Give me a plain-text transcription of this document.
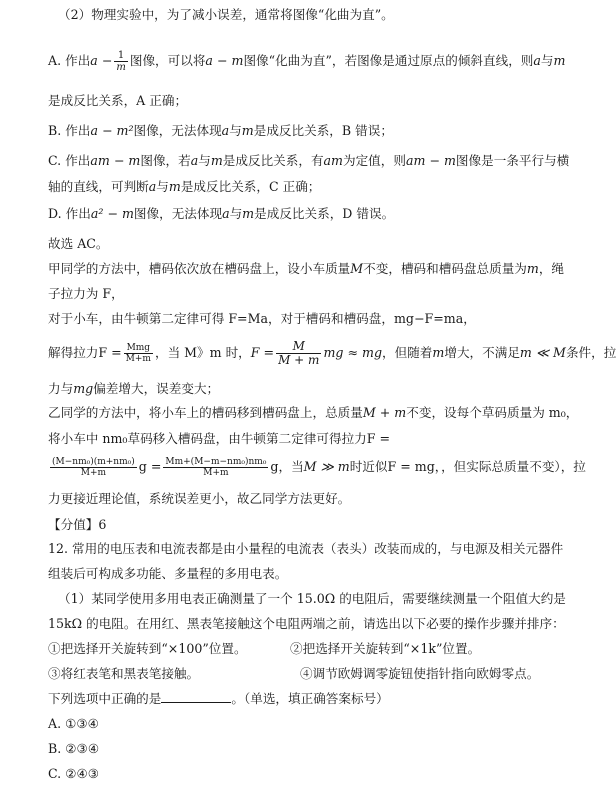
（2）物理实验中，为了减小误差，通常将图像“化曲为直”。
A. 作出$a - \frac{1}{m}$ 图像，可以将a − m图像“化曲为直”，若图像是通过原点的倾斜直线，则a与m
是成反比关系，A 正确；
B. 作出a − m²图像，无法体现a与m是成反比关系，B 错误；
C. 作出am − m图像，若a与m是成反比关系，有am为定值，则am − m图像是一条平行与横
轴的直线，可判断a与m是成反比关系，C 正确；
D. 作出a² − m图像，无法体现a与m是成反比关系，D 错误。
故选 AC。
甲同学的方法中，槽码依次放在槽码盘上，设小车质量M不变，槽码和槽码盘总质量为m，绳
子拉力为 F，
对于小车，由牛顿第二定律可得 F=Ma，对于槽码和槽码盘，mg−F=ma，
解得拉力$F = \frac{\text{Mmg}}{M+m}$ ，当 M》m 时，$F = \frac{M}{M + m}$ mg ≈ mg，但随着m增大，不满足m ≪ M条件，拉
力与mg偏差增大，误差变大；
乙同学的方法中，将小车上的槽码移到槽码盘上，总质量M + m不变，设每个草码质量为 m₀，
将小车中 nm₀草码移入槽码盘，由牛顿第二定律可得拉力F =
$\frac{\text{(M−nm₀)(m+nm₀)}}{M+m}$ $g = \frac{\text{Mm+(M−m−nm₀)nm₀}}{M+m}$ g，当M ≫ m时近似F = mg，，但实际总质量不变），拉
力更接近理论值，系统误差更小，故乙同学方法更好。
【分值】6
12. 常用的电压表和电流表都是由小量程的电流表（表头）改装而成的，与电源及相关元器件
组装后可构成多功能、多量程的多用电表。
（1）某同学使用多用电表正确测量了一个 15.0Ω 的电阻后，需要继续测量一个阻值大约是
15kΩ 的电阻。在用红、黑表笔接触这个电阻两端之前，请选出以下必要的操作步骤并排序：
①把选择开关旋转到“×100”位置。	②把选择开关旋转到“×1k”位置。
③将红表笔和黑表笔接触。	④调节欧姆调零旋钮使指针指向欧姆零点。
下列选项中正确的是	。（单选，填正确答案标号）
A. ①③④
B. ②③④
C. ②④③
